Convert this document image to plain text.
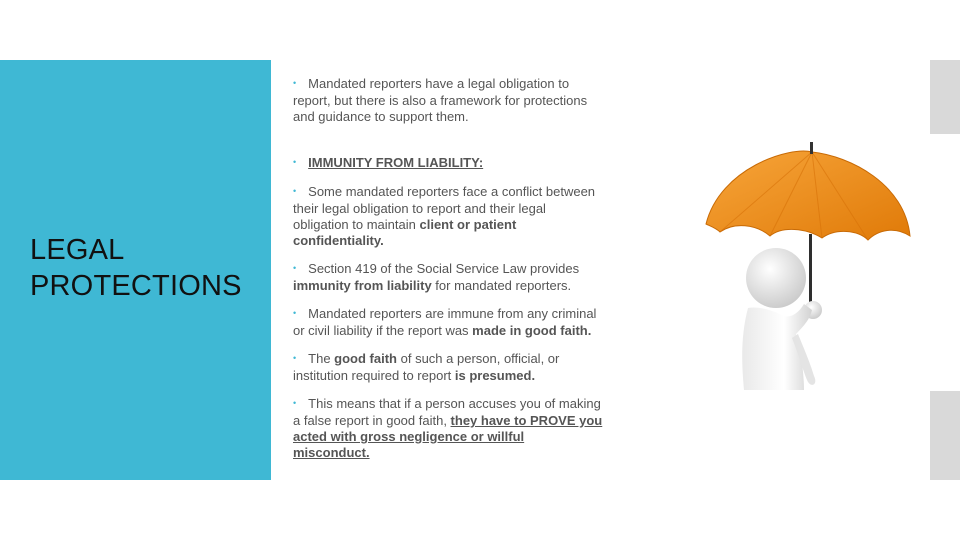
LEGAL
PROTECTIONS

• Mandated reporters have a legal obligation to report, but there is also a framework for protections and guidance to support them.

• IMMUNITY FROM LIABILITY:

• Some mandated reporters face a conflict between their legal obligation to report and their legal obligation to maintain client or patient confidentiality.

• Section 419 of the Social Service Law provides immunity from liability for mandated reporters.

• Mandated reporters are immune from any criminal or civil liability if the report was made in good faith.

• The good faith of such a person, official, or institution required to report is presumed.

• This means that if a person accuses you of making a false report in good faith, they have to PROVE you acted with gross negligence or willful misconduct.
